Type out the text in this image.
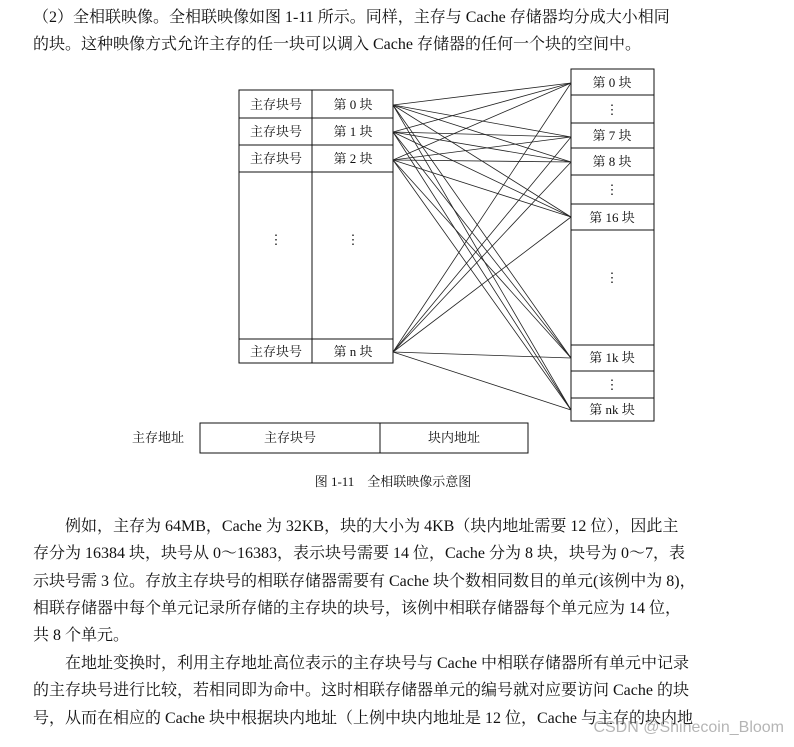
（2）全相联映像。全相联映像如图 1-11 所示。同样，主存与 Cache 存储器均分成大小相同
的块。这种映像方式允许主存的任一块可以调入 Cache 存储器的任何一个块的空间中。
主存块号 第 0 块
主存块号 第 1 块
主存块号 第 2 块
⋮	⋮
主存块号 第 n 块
第 0 块
⋮
第 7 块
第 8 块
⋮
第 16 块
⋮
第 1k 块
⋮
第 nk 块
主存地址	主存块号	块内地址
图 1-11　全相联映像示意图
例如，主存为 64MB，Cache 为 32KB，块的大小为 4KB（块内地址需要 12 位），因此主
存分为 16384 块，块号从 0～16383，表示块号需要 14 位，Cache 分为 8 块，块号为 0～7，表
示块号需 3 位。存放主存块号的相联存储器需要有 Cache 块个数相同数目的单元(该例中为 8)，
相联存储器中每个单元记录所存储的主存块的块号，该例中相联存储器每个单元应为 14 位，
共 8 个单元。
在地址变换时，利用主存地址高位表示的主存块号与 Cache 中相联存储器所有单元中记录
的主存块号进行比较，若相同即为命中。这时相联存储器单元的编号就对应要访问 Cache 的块
号，从而在相应的 Cache 块中根据块内地址（上例中块内地址是 12 位，Cache 与主存的块内地
CSDN @Shinecoin_Bloom
